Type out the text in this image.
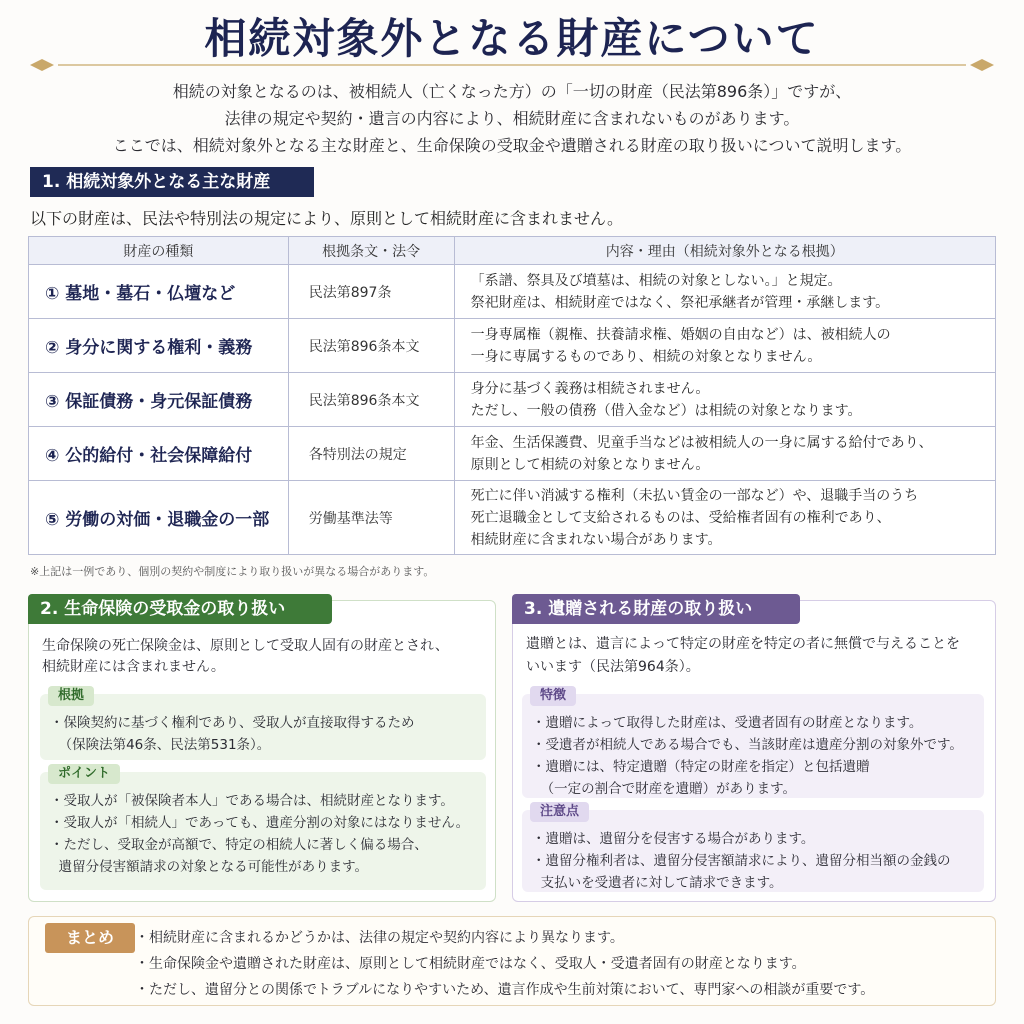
相続対象外となる財産について
相続の対象となるのは、被相続人（亡くなった方）の「一切の財産（民法第896条）」ですが、
法律の規定や契約・遺言の内容により、相続財産に含まれないものがあります。
ここでは、相続対象外となる主な財産と、生命保険の受取金や遺贈される財産の取り扱いについて説明します。
1. 相続対象外となる主な財産
以下の財産は、民法や特別法の規定により、原則として相続財産に含まれません。
財産の種類	根拠条文・法令	内容・理由（相続対象外となる根拠）
① 墓地・墓石・仏壇など	民法第897条	「系譜、祭具及び墳墓は、相続の対象としない。」と規定。
祭祀財産は、相続財産ではなく、祭祀承継者が管理・承継します。
② 身分に関する権利・義務	民法第896条本文	一身専属権（親権、扶養請求権、婚姻の自由など）は、被相続人の
一身に専属するものであり、相続の対象となりません。
③ 保証債務・身元保証債務	民法第896条本文	身分に基づく義務は相続されません。
ただし、一般の債務（借入金など）は相続の対象となります。
④ 公的給付・社会保障給付	各特別法の規定	年金、生活保護費、児童手当などは被相続人の一身に属する給付であり、
原則として相続の対象となりません。
⑤ 労働の対価・退職金の一部	労働基準法等	死亡に伴い消滅する権利（未払い賃金の一部など）や、退職手当のうち
死亡退職金として支給されるものは、受給権者固有の権利であり、
相続財産に含まれない場合があります。
※上記は一例であり、個別の契約や制度により取り扱いが異なる場合があります。
2. 生命保険の受取金の取り扱い
生命保険の死亡保険金は、原則として受取人固有の財産とされ、
相続財産には含まれません。
根拠
・保険契約に基づく権利であり、受取人が直接取得するため
（保険法第46条、民法第531条）。
ポイント
・受取人が「被保険者本人」である場合は、相続財産となります。
・受取人が「相続人」であっても、遺産分割の対象にはなりません。
・ただし、受取金が高額で、特定の相続人に著しく偏る場合、
遺留分侵害額請求の対象となる可能性があります。
3. 遺贈される財産の取り扱い
遺贈とは、遺言によって特定の財産を特定の者に無償で与えることを
いいます（民法第964条）。
特徴
・遺贈によって取得した財産は、受遺者固有の財産となります。
・受遺者が相続人である場合でも、当該財産は遺産分割の対象外です。
・遺贈には、特定遺贈（特定の財産を指定）と包括遺贈
（一定の割合で財産を遺贈）があります。
注意点
・遺贈は、遺留分を侵害する場合があります。
・遺留分権利者は、遺留分侵害額請求により、遺留分相当額の金銭の
支払いを受遺者に対して請求できます。
まとめ	・相続財産に含まれるかどうかは、法律の規定や契約内容により異なります。
・生命保険金や遺贈された財産は、原則として相続財産ではなく、受取人・受遺者固有の財産となります。
・ただし、遺留分との関係でトラブルになりやすいため、遺言作成や生前対策において、専門家への相談が重要です。
